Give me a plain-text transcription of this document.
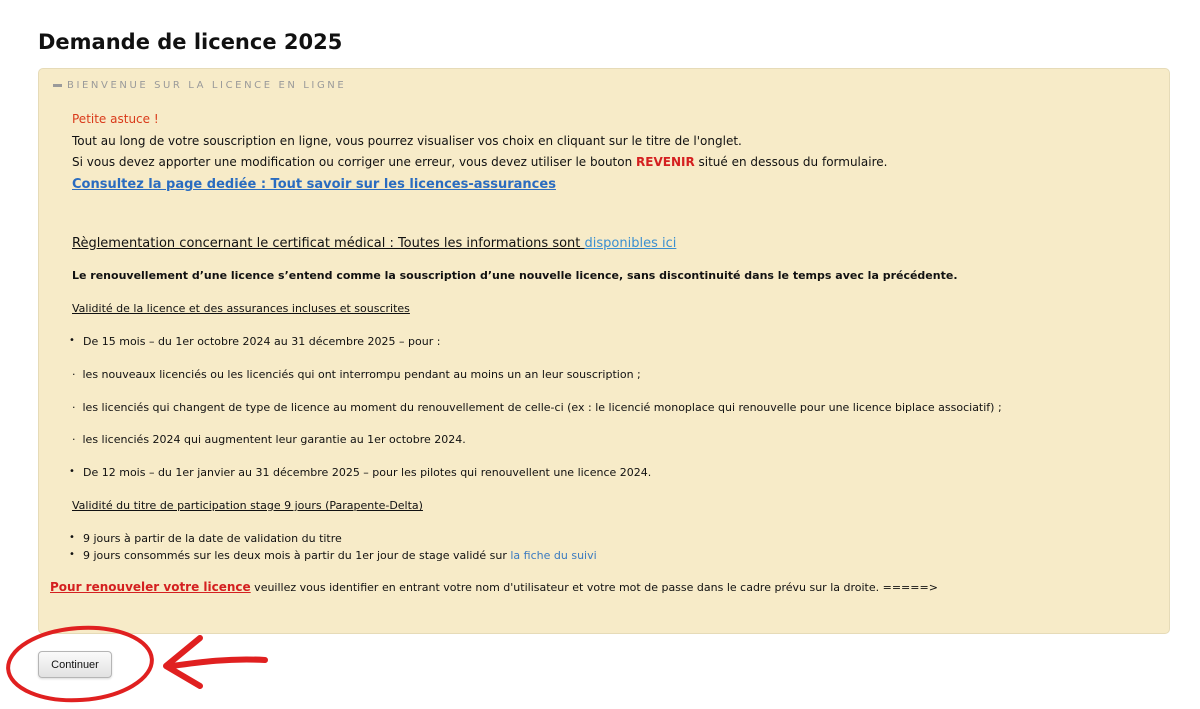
Demande de licence 2025
BIENVENUE SUR LA LICENCE EN LIGNE
Petite astuce !
Tout au long de votre souscription en ligne, vous pourrez visualiser vos choix en cliquant sur le titre de l'onglet.
Si vous devez apporter une modification ou corriger une erreur, vous devez utiliser le bouton REVENIR situé en dessous du formulaire.
Consultez la page dediée : Tout savoir sur les licences-assurances
Règlementation concernant le certificat médical : Toutes les informations sont disponibles ici
Le renouvellement d’une licence s’entend comme la souscription d’une nouvelle licence, sans discontinuité dans le temps avec la précédente.
Validité de la licence et des assurances incluses et souscrites
• De 15 mois – du 1er octobre 2024 au 31 décembre 2025 – pour :
·  les nouveaux licenciés ou les licenciés qui ont interrompu pendant au moins un an leur souscription ;
·  les licenciés qui changent de type de licence au moment du renouvellement de celle-ci (ex : le licencié monoplace qui renouvelle pour une licence biplace associatif) ;
·  les licenciés 2024 qui augmentent leur garantie au 1er octobre 2024.
• De 12 mois – du 1er janvier au 31 décembre 2025 – pour les pilotes qui renouvellent une licence 2024.
Validité du titre de participation stage 9 jours (Parapente-Delta)
• 9 jours à partir de la date de validation du titre
• 9 jours consommés sur les deux mois à partir du 1er jour de stage validé sur la fiche du suivi
Pour renouveler votre licence veuillez vous identifier en entrant votre nom d'utilisateur et votre mot de passe dans le cadre prévu sur la droite. =====>
Continuer
